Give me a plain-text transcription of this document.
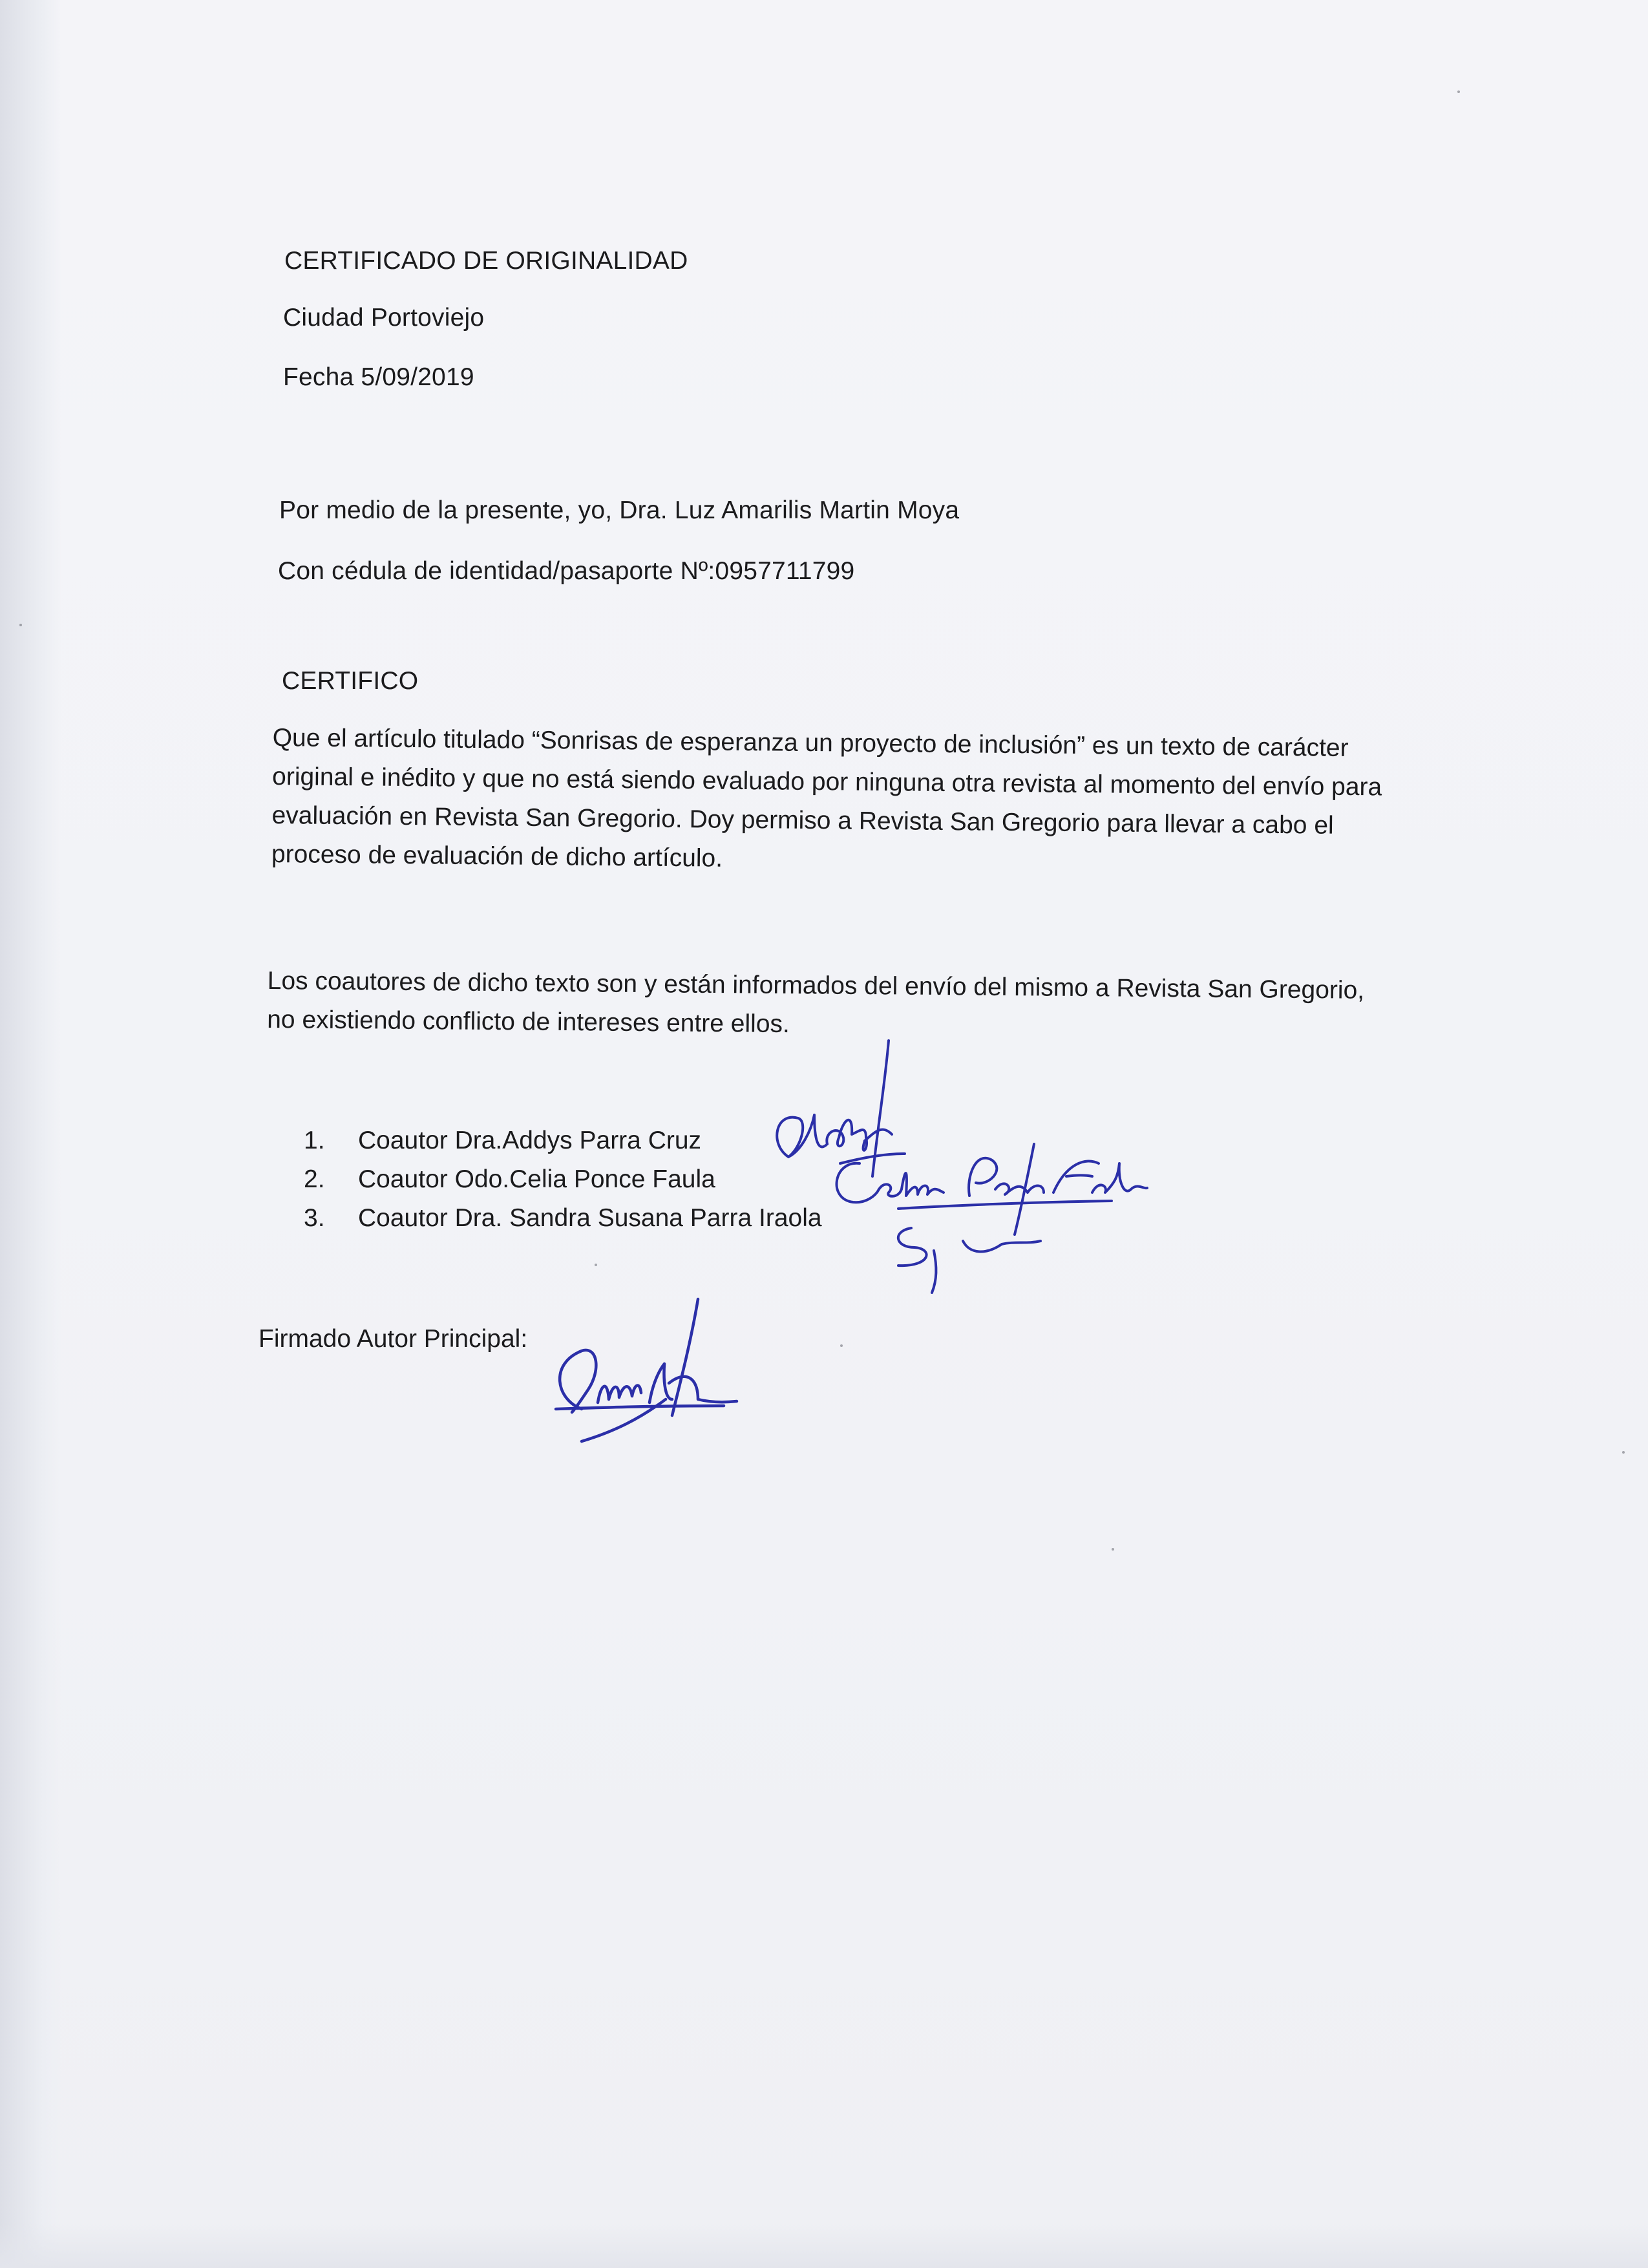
CERTIFICADO DE ORIGINALIDAD
Ciudad Portoviejo
Fecha 5/09/2019
Por medio de la presente, yo, Dra. Luz Amarilis Martin Moya
Con cédula de identidad/pasaporte Nº:0957711799
CERTIFICO
Que el artículo titulado “Sonrisas de esperanza un proyecto de inclusión” es un texto de carácter original e inédito y que no está siendo evaluado por ninguna otra revista al momento del envío para evaluación en Revista San Gregorio. Doy permiso a Revista San Gregorio para llevar a cabo el proceso de evaluación de dicho artículo.
Los coautores de dicho texto son y están informados del envío del mismo a Revista San Gregorio, no existiendo conflicto de intereses entre ellos.
1.	Coautor Dra.Addys Parra Cruz
2.	Coautor Odo.Celia Ponce Faula
3.	Coautor Dra. Sandra Susana Parra Iraola
Firmado Autor Principal:
